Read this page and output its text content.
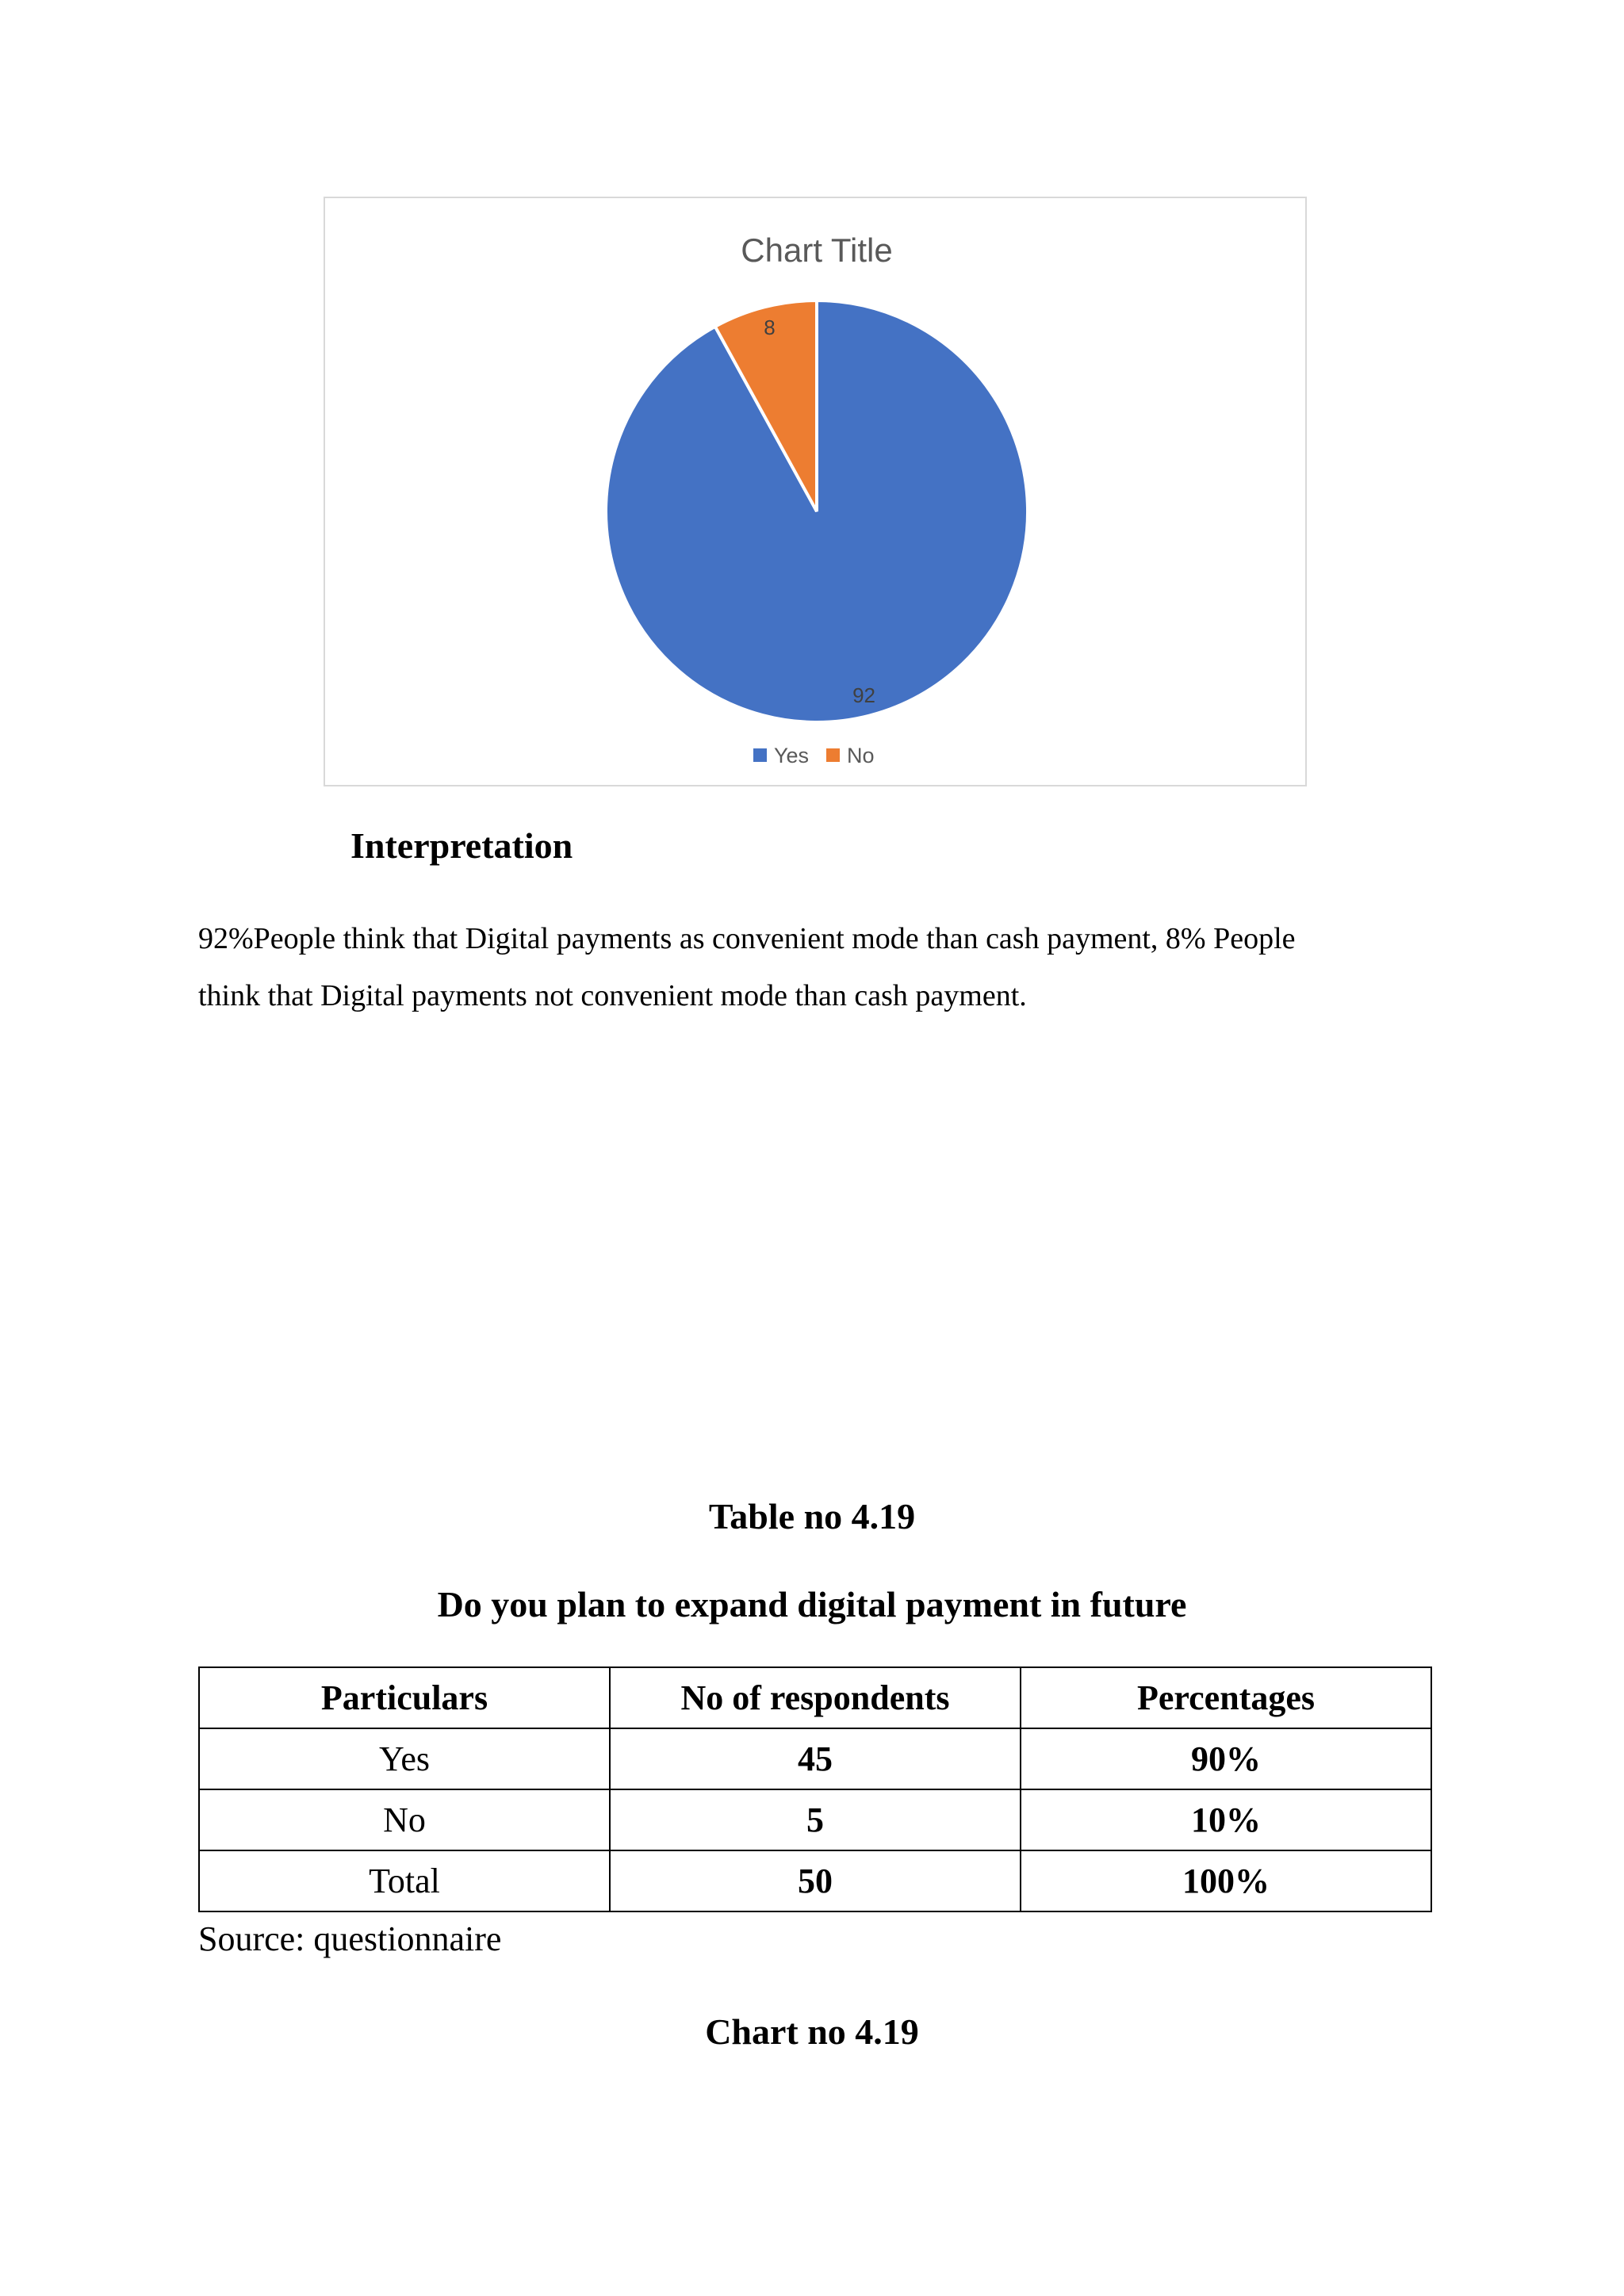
Chart Title
92
8
Yes No
Interpretation

92%People think that Digital payments as convenient mode than cash payment, 8% People
think that Digital payments not convenient mode than cash payment.

Table no 4.19
Do you plan to expand digital payment in future
Particulars	No of respondents	Percentages
Yes	45	90%
No	5	10%
Total	50	100%

Source: questionnaire

Chart no 4.19
